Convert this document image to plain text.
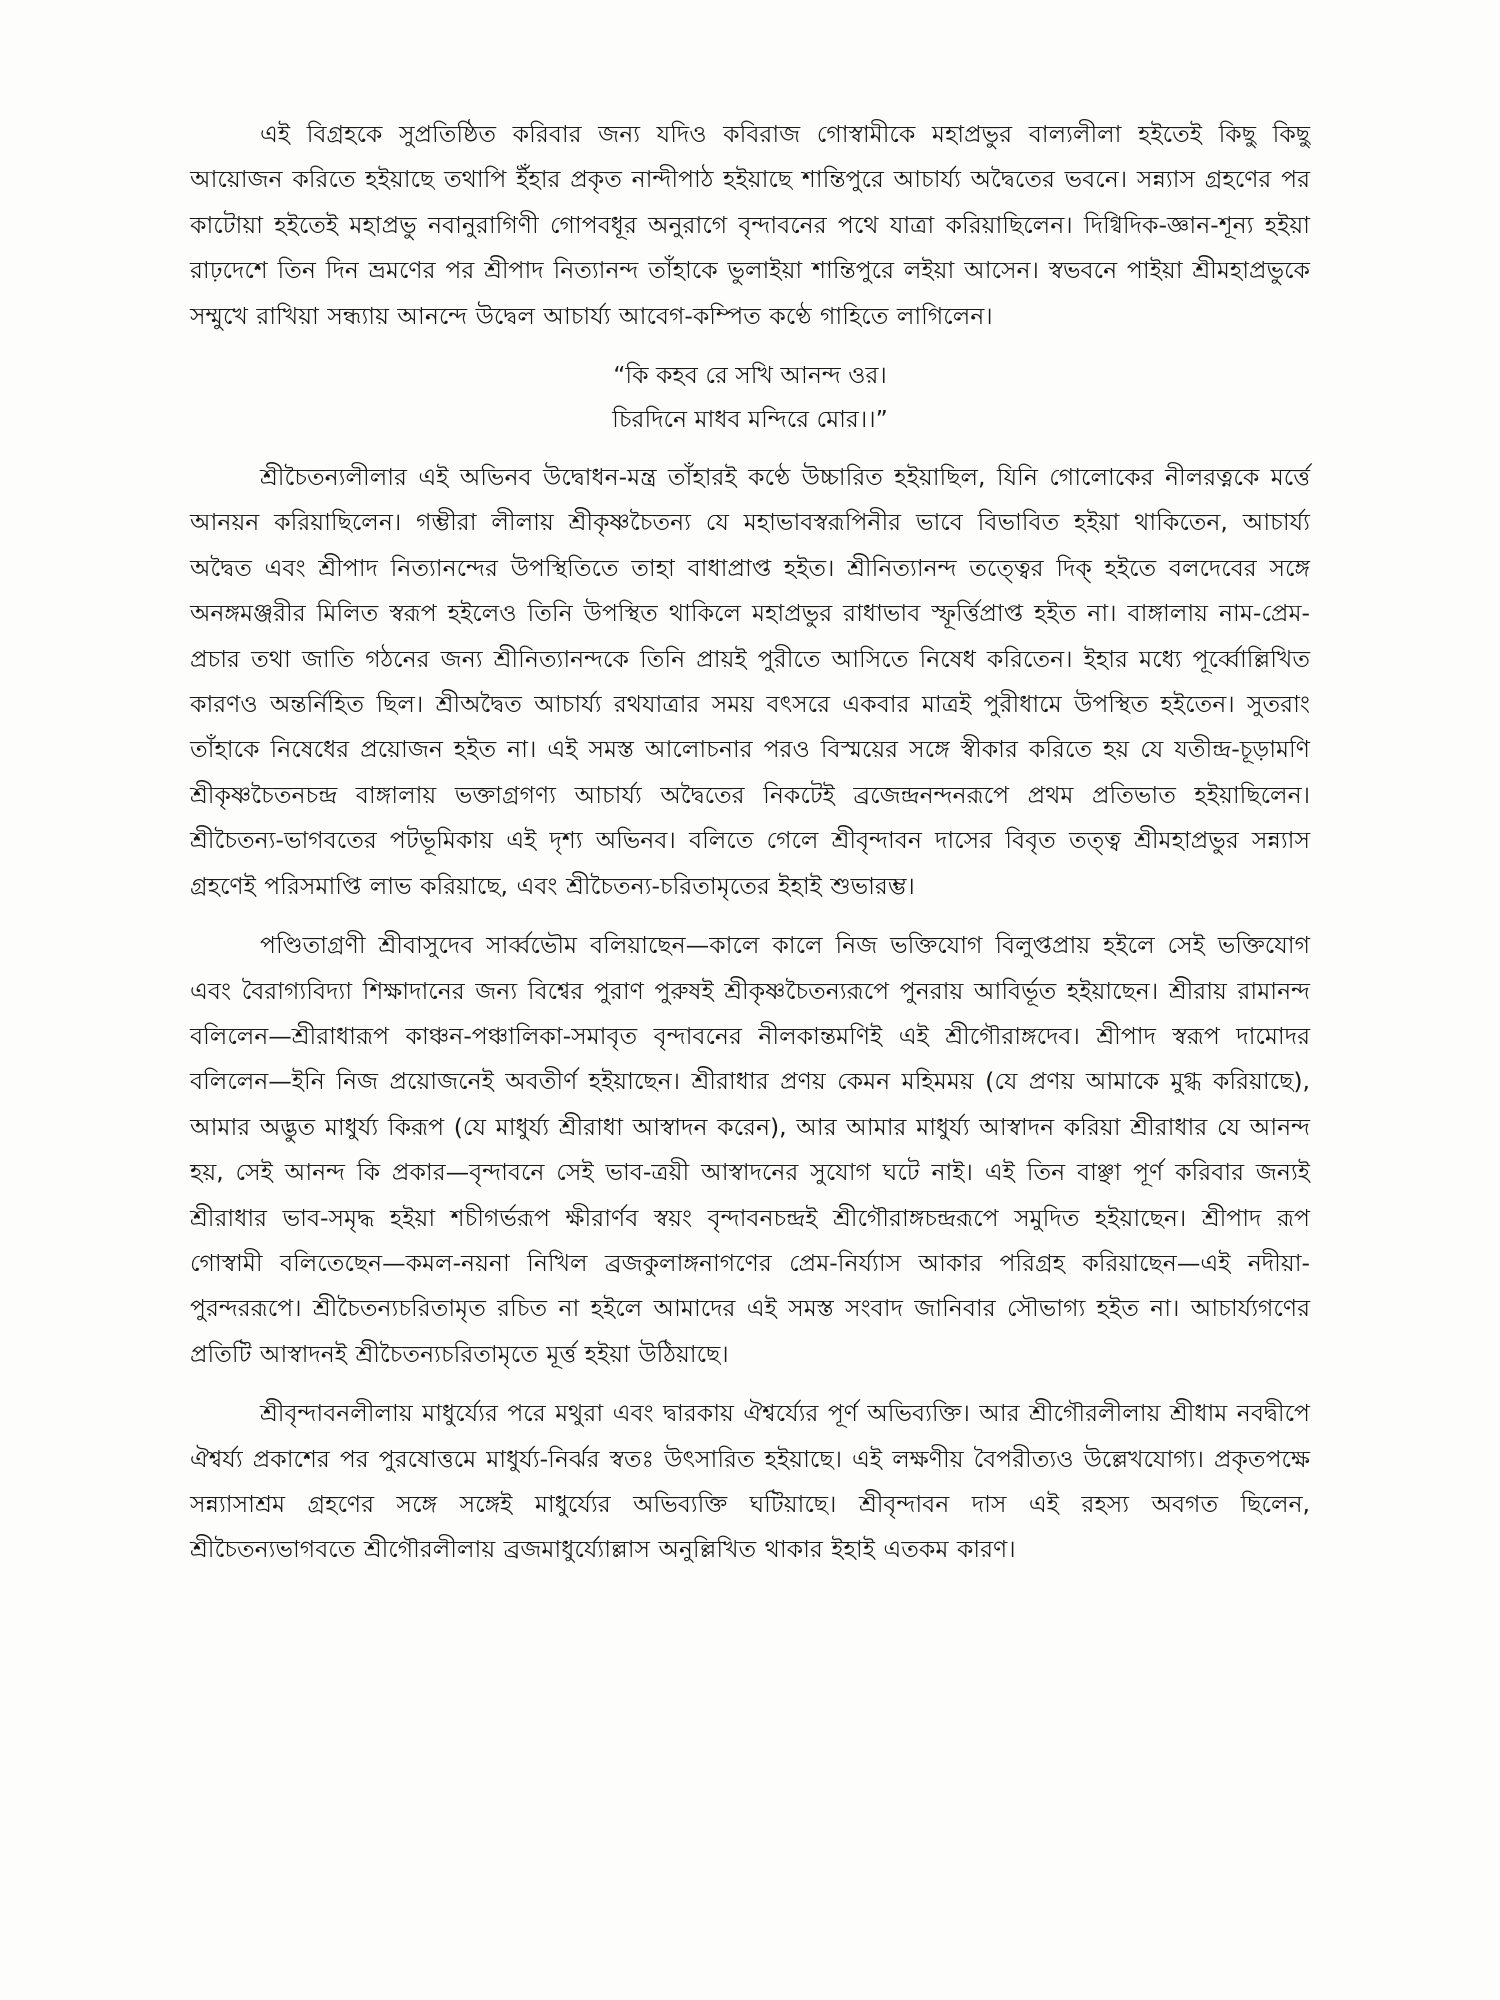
এই বিগ্রহকে সুপ্রতিষ্ঠিত করিবার জন্য যদিও কবিরাজ গোস্বামীকে মহাপ্রভুর বাল্যলীলা হইতেই কিছু কিছু আয়োজন করিতে হইয়াছে তথাপি ইঁহার প্রকৃত নান্দীপাঠ হইয়াছে শান্তিপুরে আচার্য্য অদ্বৈতের ভবনে। সন্ন্যাস গ্রহণের পর কাটোয়া হইতেই মহাপ্রভু নবানুরাগিণী গোপবধূর অনুরাগে বৃন্দাবনের পথে যাত্রা করিয়াছিলেন। দিগ্বিদিক-জ্ঞান-শূন্য হইয়া রাঢ়দেশে তিন দিন ভ্রমণের পর শ্রীপাদ নিত্যানন্দ তাঁহাকে ভুলাইয়া শান্তিপুরে লইয়া আসেন। স্বভবনে পাইয়া শ্রীমহাপ্রভুকে সম্মুখে রাখিয়া সন্ধ্যায় আনন্দে উদ্বেল আচার্য্য আবেগ-কম্পিত কণ্ঠে গাহিতে লাগিলেন।

“কি কহব রে সখি আনন্দ ওর।
চিরদিনে মাধব মন্দিরে মোর।।”

শ্রীচৈতন্যলীলার এই অভিনব উদ্বোধন-মন্ত্র তাঁহারই কণ্ঠে উচ্চারিত হইয়াছিল, যিনি গোলোকের নীলরত্নকে মর্ত্তে আনয়ন করিয়াছিলেন। গম্ভীরা লীলায় শ্রীকৃষ্ণচৈতন্য যে মহাভাবস্বরূপিনীর ভাবে বিভাবিত হইয়া থাকিতেন, আচার্য্য অদ্বৈত এবং শ্রীপাদ নিত্যানন্দের উপস্থিতিতে তাহা বাধাপ্রাপ্ত হইত। শ্রীনিত্যানন্দ তত্ত্বের দিক্‌ হইতে বলদেবের সঙ্গে অনঙ্গমঞ্জরীর মিলিত স্বরূপ হইলেও তিনি উপস্থিত থাকিলে মহাপ্রভুর রাধাভাব স্ফূর্ত্তিপ্রাপ্ত হইত না। বাঙ্গালায় নাম-প্রেম-প্রচার তথা জাতি গঠনের জন্য শ্রীনিত্যানন্দকে তিনি প্রায়ই পুরীতে আসিতে নিষেধ করিতেন। ইহার মধ্যে পূর্ব্বোল্লিখিত কারণও অন্তর্নিহিত ছিল। শ্রীঅদ্বৈত আচার্য্য রথযাত্রার সময় বৎসরে একবার মাত্রই পুরীধামে উপস্থিত হইতেন। সুতরাং তাঁহাকে নিষেধের প্রয়োজন হইত না। এই সমস্ত আলোচনার পরও বিস্ময়ের সঙ্গে স্বীকার করিতে হয় যে যতীন্দ্র-চূড়ামণি শ্রীকৃষ্ণচৈতনচন্দ্র বাঙ্গালায় ভক্তাগ্রগণ্য আচার্য্য অদ্বৈতের নিকটেই ব্রজেন্দ্রনন্দনরূপে প্রথম প্রতিভাত হইয়াছিলেন। শ্রীচৈতন্য-ভাগবতের পটভূমিকায় এই দৃশ্য অভিনব। বলিতে গেলে শ্রীবৃন্দাবন দাসের বিবৃত তত্ত্ব শ্রীমহাপ্রভুর সন্ন্যাস গ্রহণেই পরিসমাপ্তি লাভ করিয়াছে, এবং শ্রীচৈতন্য-চরিতামৃতের ইহাই শুভারম্ভ।

পণ্ডিতাগ্রণী শ্রীবাসুদেব সার্ব্বভৌম বলিয়াছেন—কালে কালে নিজ ভক্তিযোগ বিলুপ্তপ্রায় হইলে সেই ভক্তিযোগ এবং বৈরাগ্যবিদ্যা শিক্ষাদানের জন্য বিশ্বের পুরাণ পুরুষই শ্রীকৃষ্ণচৈতন্যরূপে পুনরায় আবির্ভূত হইয়াছেন। শ্রীরায় রামানন্দ বলিলেন—শ্রীরাধারূপ কাঞ্চন-পঞ্চালিকা-সমাবৃত বৃন্দাবনের নীলকান্তমণিই এই শ্রীগৌরাঙ্গদেব। শ্রীপাদ স্বরূপ দামোদর বলিলেন—ইনি নিজ প্রয়োজনেই অবতীর্ণ হইয়াছেন। শ্রীরাধার প্রণয় কেমন মহিমময় (যে প্রণয় আমাকে মুগ্ধ করিয়াছে), আমার অদ্ভুত মাধুর্য্য কিরূপ (যে মাধুর্য্য শ্রীরাধা আস্বাদন করেন), আর আমার মাধুর্য্য আস্বাদন করিয়া শ্রীরাধার যে আনন্দ হয়, সেই আনন্দ কি প্রকার—বৃন্দাবনে সেই ভাব-ত্রয়ী আস্বাদনের সুযোগ ঘটে নাই। এই তিন বাঞ্ছা পূর্ণ করিবার জন্যই শ্রীরাধার ভাব-সমৃদ্ধ হইয়া শচীগর্ভরূপ ক্ষীরার্ণব স্বয়ং বৃন্দাবনচন্দ্রই শ্রীগৌরাঙ্গচন্দ্ররূপে সমুদিত হইয়াছেন। শ্রীপাদ রূপ গোস্বামী বলিতেছেন—কমল-নয়না নিখিল ব্রজকুলাঙ্গনাগণের প্রেম-নির্য্যাস আকার পরিগ্রহ করিয়াছেন—এই নদীয়া-পুরন্দররূপে। শ্রীচৈতন্যচরিতামৃত রচিত না হইলে আমাদের এই সমস্ত সংবাদ জানিবার সৌভাগ্য হইত না। আচার্য্যগণের প্রতিটি আস্বাদনই শ্রীচৈতন্যচরিতামৃতে মূর্ত্ত হইয়া উঠিয়াছে।

শ্রীবৃন্দাবনলীলায় মাধুর্য্যের পরে মথুরা এবং দ্বারকায় ঐশ্বর্য্যের পূর্ণ অভিব্যক্তি। আর শ্রীগৌরলীলায় শ্রীধাম নবদ্বীপে ঐশ্বর্য্য প্রকাশের পর পুরষোত্তমে মাধুর্য্য-নির্ঝর স্বতঃ উৎসারিত হইয়াছে। এই লক্ষণীয় বৈপরীত্যও উল্লেখযোগ্য। প্রকৃতপক্ষে সন্ন্যাসাশ্রম গ্রহণের সঙ্গে সঙ্গেই মাধুর্য্যের অভিব্যক্তি ঘটিয়াছে। শ্রীবৃন্দাবন দাস এই রহস্য অবগত ছিলেন, শ্রীচৈতন্যভাগবতে শ্রীগৌরলীলায় ব্রজমাধুর্য্যোল্লাস অনুল্লিখিত থাকার ইহাই এতকম কারণ।
